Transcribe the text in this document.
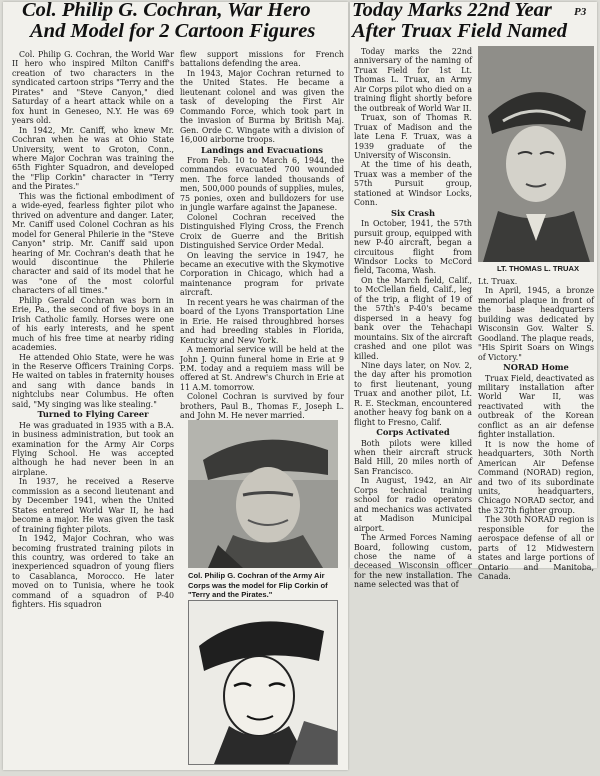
Col. Philip G. Cochran, War Hero
And Model for 2 Cartoon Figures

Col. Philip G. Cochran, the World War II hero who inspired Milton Caniff's creation of two characters in the syndicated cartoon strips "Terry and the Pirates" and "Steve Canyon," died Saturday of a heart attack while on a fox hunt in Geneseo, N.Y. He was 69 years old.

In 1942, Mr. Caniff, who knew Mr. Cochran when he was at Ohio State University, went to Groton, Conn., where Major Cochran was training the 65th Fighter Squadron, and developed the "Flip Corkin" character in "Terry and the Pirates."

This was the fictional embodiment of a wide-eyed, fearless fighter pilot who thrived on adventure and danger. Later, Mr. Caniff used Colonel Cochran as his model for General Philerie in the "Steve Canyon" strip. Mr. Caniff said upon hearing of Mr. Cochran's death that he would discontinue the Philerie character and said of its model that he was "one of the most colorful characters of all times."

Philip Gerald Cochran was born in Erie, Pa., the second of five boys in an Irish Catholic family. Horses were one of his early interests, and he spent much of his free time at nearby riding academies.

He attended Ohio State, were he was in the Reserve Officers Training Corps. He waited on tables in fraternity houses and sang with dance bands in nightclubs near Columbus. He often said, "My singing was like stealing."

Turned to Flying Career

He was graduated in 1935 with a B.A. in business administration, but took an examination for the Army Air Corps Flying School. He was accepted although he had never been in an airplane.

In 1937, he received a Reserve commission as a second lieutenant and by December 1941, when the United States entered World War II, he had become a major. He was given the task of training fighter pilots.

In 1942, Major Cochran, who was becoming frustrated training pilots in this country, was ordered to take an inexperienced squadron of young fliers to Casablanca, Morocco. He later moved on to Tunisia, where he took command of a squadron of P-40 fighters. His squadron

flew support missions for French battalions defending the area.

In 1943, Major Cochran returned to the United States. He became a lieutenant colonel and was given the task of developing the First Air Commando Force, which took part in the invasion of Burma by British Maj. Gen. Orde C. Wingate with a division of 16,000 airborne troops.

Landings and Evacuations

From Feb. 10 to March 6, 1944, the commandos evacuated 700 wounded men. The force landed thousands of men, 500,000 pounds of supplies, mules, 75 ponies, oxen and bulldozers for use in jungle warfare against the Japanese.

Colonel Cochran received the Distinguished Flying Cross, the French Croix de Guerre and the British Distinguished Service Order Medal.

On leaving the service in 1947, he became an executive with the Skymotive Corporation in Chicago, which had a maintenance program for private aircraft.

In recent years he was chairman of the board of the Lyons Transportation Line in Erie. He raised throughbred horses and had breeding stables in Florida, Kentucky and New York.

A memorial service will be held at the John J. Quinn funeral home in Erie at 9 P.M. today and a requiem mass will be offered at St. Andrew's Church in Erie at 11 A.M. tomorrow.

Colonel Cochran is survived by four brothers, Paul B., Thomas F., Joseph L. and John M. He never married.

Col. Philip G. Cochran of the Army Air Corps was the model for Flip Corkin of "Terry and the Pirates."

Today Marks 22nd Year P3
After Truax Field Named

Today marks the 22nd anniversary of the naming of Truax Field for 1st Lt. Thomas L. Truax, an Army Air Corps pilot who died on a training flight shortly before the outbreak of World War II.

Truax, son of Thomas R. Truax of Madison and the late Lena F. Truax, was a 1939 graduate of the University of Wisconsin.

At the time of his death, Truax was a member of the 57th Pursuit group, stationed at Windsor Locks, Conn.

Six Crash

In October, 1941, the 57th pursuit group, equipped with new P-40 aircraft, began a circuitous flight from Windsor Locks to McCord field, Tacoma, Wash.

On the March field, Calif., to McClellan field, Calif., leg of the trip, a flight of 19 of the 57th's P-40's became dispersed in a heavy fog bank over the Tehachapi mountains. Six of the aircraft crashed and one pilot was killed.

Nine days later, on Nov. 2, the day after his promotion to first lieutenant, young Truax and another pilot, Lt. R. E. Steckman, encountered another heavy fog bank on a flight to Fresno, Calif.

Corps Activated

Both pilots were killed when their aircraft struck Bald Hill, 20 miles north of San Francisco.

In August, 1942, an Air Corps technical training school for radio operators and mechanics was activated at Madison Municipal airport.

The Armed Forces Naming Board, following custom, chose the name of a deceased Wisconsin officer for the new installation. The name selected was that of

LT. THOMAS L. TRUAX

Lt. Truax.

In April, 1945, a bronze memorial plaque in front of the base headquarters building was dedicated by Wisconsin Gov. Walter S. Goodland. The plaque reads, "His Spirit Soars on Wings of Victory."

NORAD Home

Truax Field, deactivated as military installation after World War II, was reactivated with the outbreak of the Korean conflict as an air defense fighter installation.

It is now the home of headquarters, 30th North American Air Defense Command (NORAD) region, and two of its subordinate units, headquarters, Chicago NORAD sector, and the 327th fighter group.

The 30th NORAD region is responsible for the aerospace defense of all or parts of 12 Midwestern states and large portions of Ontario and Manitoba, Canada.
